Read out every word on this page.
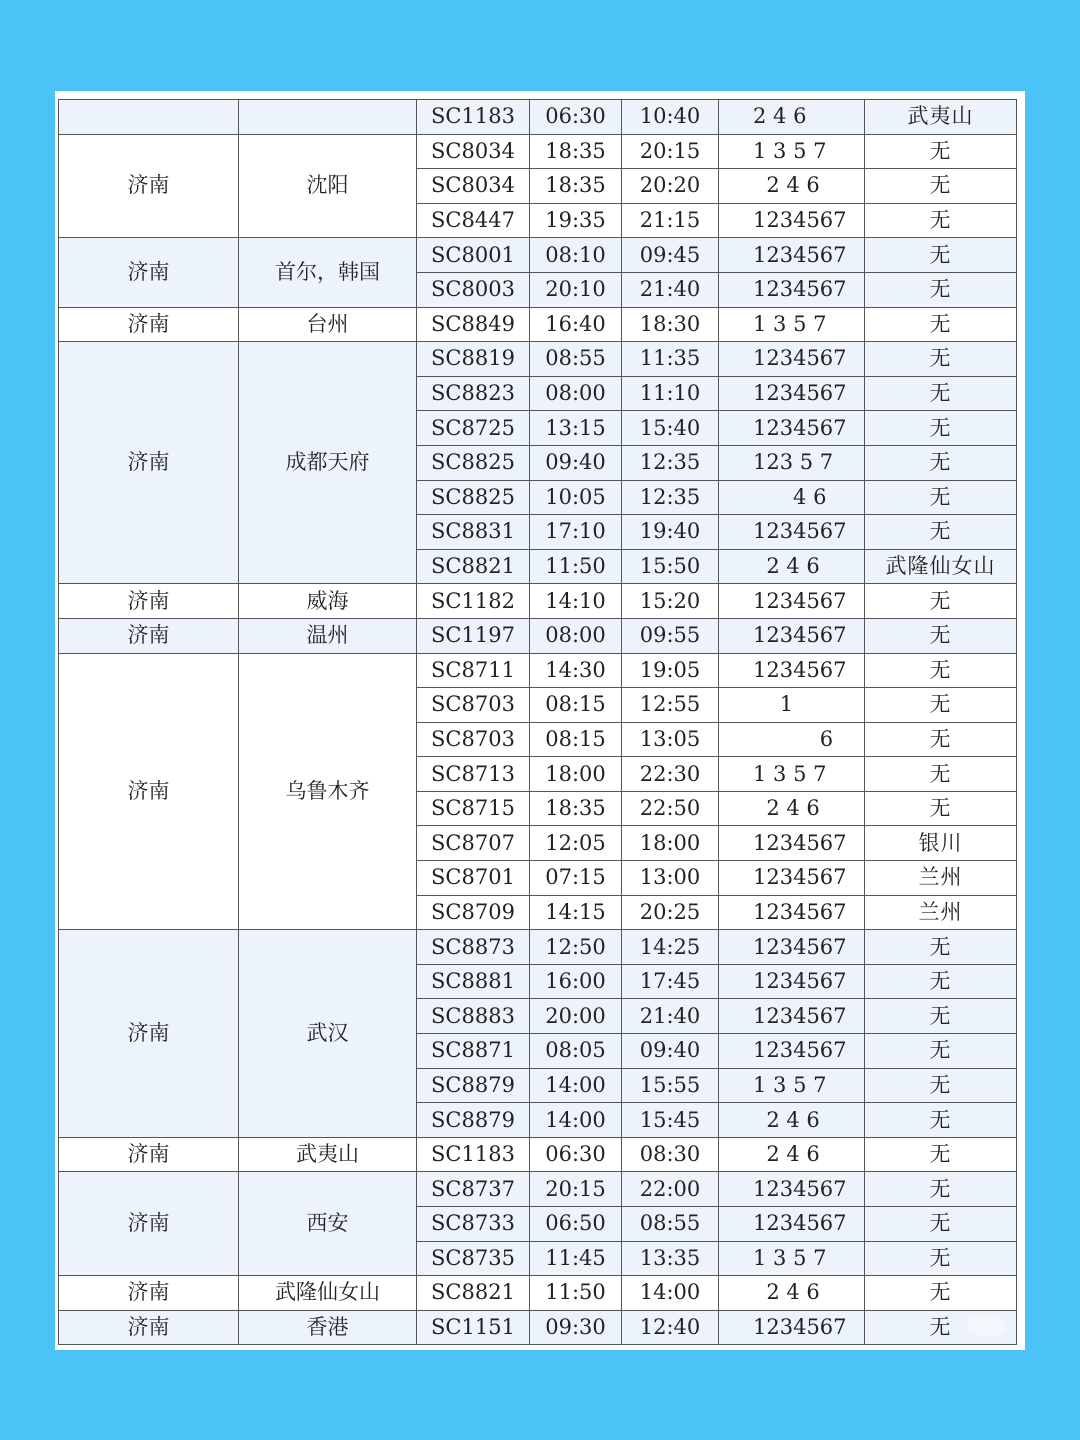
		SC1183	06:30	10:40	2 4 6	武夷山
济南	沈阳	SC8034	18:35	20:15	1 3 5 7	无
		SC8034	18:35	20:20	2 4 6	无
		SC8447	19:35	21:15	1234567	无
济南	首尔，韩国	SC8001	08:10	09:45	1234567	无
		SC8003	20:10	21:40	1234567	无
济南	台州	SC8849	16:40	18:30	1 3 5 7	无
济南	成都天府	SC8819	08:55	11:35	1234567	无
		SC8823	08:00	11:10	1234567	无
		SC8725	13:15	15:40	1234567	无
		SC8825	09:40	12:35	123 5 7	无
		SC8825	10:05	12:35	4 6	无
		SC8831	17:10	19:40	1234567	无
		SC8821	11:50	15:50	2 4 6	武隆仙女山
济南	威海	SC1182	14:10	15:20	1234567	无
济南	温州	SC1197	08:00	09:55	1234567	无
济南	乌鲁木齐	SC8711	14:30	19:05	1234567	无
		SC8703	08:15	12:55	1	无
		SC8703	08:15	13:05	6	无
		SC8713	18:00	22:30	1 3 5 7	无
		SC8715	18:35	22:50	2 4 6	无
		SC8707	12:05	18:00	1234567	银川
		SC8701	07:15	13:00	1234567	兰州
		SC8709	14:15	20:25	1234567	兰州
济南	武汉	SC8873	12:50	14:25	1234567	无
		SC8881	16:00	17:45	1234567	无
		SC8883	20:00	21:40	1234567	无
		SC8871	08:05	09:40	1234567	无
		SC8879	14:00	15:55	1 3 5 7	无
		SC8879	14:00	15:45	2 4 6	无
济南	武夷山	SC1183	06:30	08:30	2 4 6	无
济南	西安	SC8737	20:15	22:00	1234567	无
		SC8733	06:50	08:55	1234567	无
		SC8735	11:45	13:35	1 3 5 7	无
济南	武隆仙女山	SC8821	11:50	14:00	2 4 6	无
济南	香港	SC1151	09:30	12:40	1234567	无
